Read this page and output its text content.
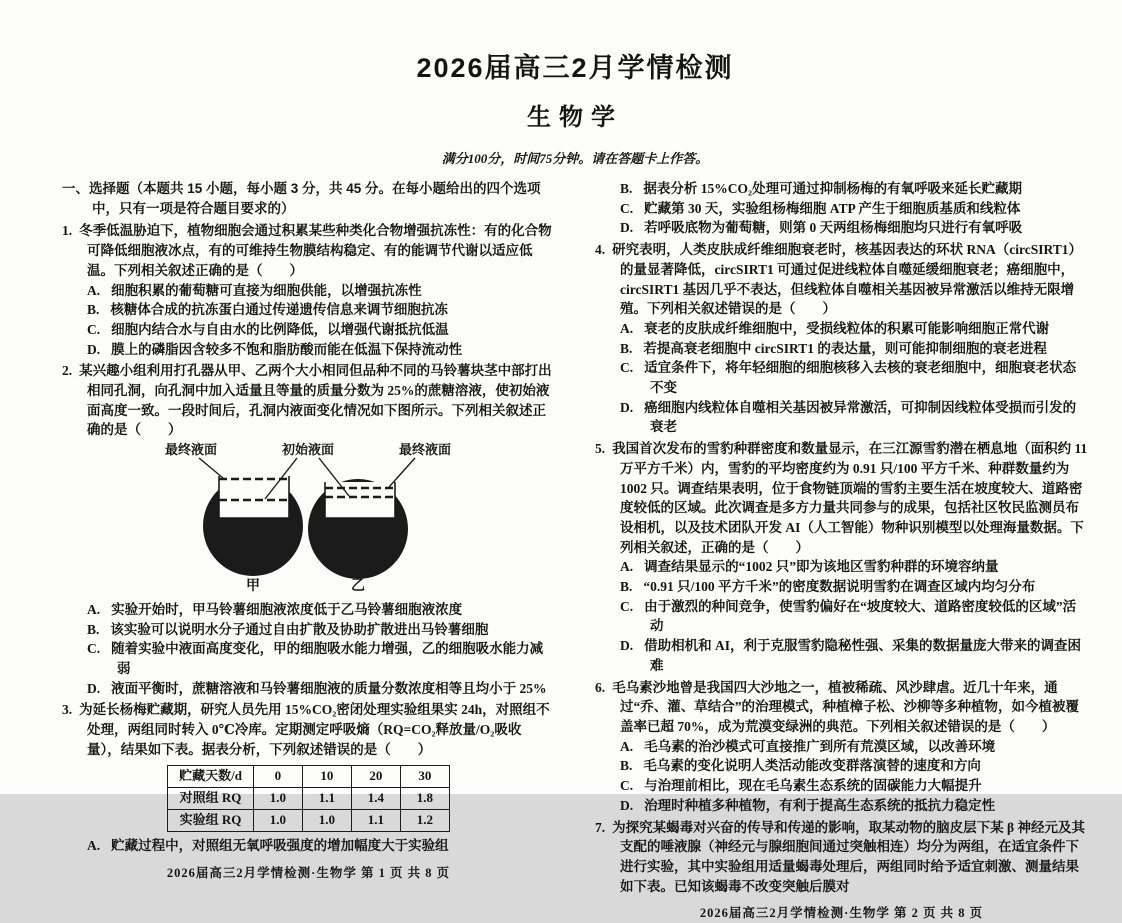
2026届高三2月学情检测
生物学
满分100分，时间75分钟。请在答题卡上作答。
一、选择题（本题共 15 小题，每小题 3 分，共 45 分。在每小题给出的四个选项中，只有一项是符合题目要求的）
1. 冬季低温胁迫下，植物细胞会通过积累某些种类化合物增强抗冻性：有的化合物可降低细胞液冰点，有的可维持生物膜结构稳定、有的能调节代谢以适应低温。下列相关叙述正确的是（　　）
A. 细胞积累的葡萄糖可直接为细胞供能，以增强抗冻性
B. 核糖体合成的抗冻蛋白通过传递遗传信息来调节细胞抗冻
C. 细胞内结合水与自由水的比例降低，以增强代谢抵抗低温
D. 膜上的磷脂因含较多不饱和脂肪酸而能在低温下保持流动性
2. 某兴趣小组利用打孔器从甲、乙两个大小相同但品种不同的马铃薯块茎中部打出相同孔洞，向孔洞中加入适量且等量的质量分数为 25%的蔗糖溶液，使初始液面高度一致。一段时间后，孔洞内液面变化情况如下图所示。下列相关叙述正确的是（　　）
最终液面	初始液面	最终液面
甲	乙
A. 实验开始时，甲马铃薯细胞液浓度低于乙马铃薯细胞液浓度
B. 该实验可以说明水分子通过自由扩散及协助扩散进出马铃薯细胞
C. 随着实验中液面高度变化，甲的细胞吸水能力增强，乙的细胞吸水能力减弱
D. 液面平衡时，蔗糖溶液和马铃薯细胞液的质量分数浓度相等且均小于 25%
3. 为延长杨梅贮藏期，研究人员先用 15%CO₂密闭处理实验组果实 24h，对照组不处理，两组同时转入 0℃冷库。定期测定呼吸熵（RQ=CO₂释放量/O₂吸收量），结果如下表。据表分析，下列叙述错误的是（　　）
贮藏天数/d	0	10	20	30
对照组 RQ	1.0	1.1	1.4	1.8
实验组 RQ	1.0	1.0	1.1	1.2
A. 贮藏过程中，对照组无氧呼吸强度的增加幅度大于实验组
2026届高三2月学情检测·生物学 第 1 页 共 8 页
B. 据表分析 15%CO₂处理可通过抑制杨梅的有氧呼吸来延长贮藏期
C. 贮藏第 30 天，实验组杨梅细胞 ATP 产生于细胞质基质和线粒体
D. 若呼吸底物为葡萄糖，则第 0 天两组杨梅细胞均只进行有氧呼吸
4. 研究表明，人类皮肤成纤维细胞衰老时，核基因表达的环状 RNA（circSIRT1）的量显著降低，circSIRT1 可通过促进线粒体自噬延缓细胞衰老；癌细胞中，circSIRT1 基因几乎不表达，但线粒体自噬相关基因被异常激活以维持无限增殖。下列相关叙述错误的是（　　）
A. 衰老的皮肤成纤维细胞中，受损线粒体的积累可能影响细胞正常代谢
B. 若提高衰老细胞中 circSIRT1 的表达量，则可能抑制细胞的衰老进程
C. 适宜条件下，将年轻细胞的细胞核移入去核的衰老细胞中，细胞衰老状态不变
D. 癌细胞内线粒体自噬相关基因被异常激活，可抑制因线粒体受损而引发的衰老
5. 我国首次发布的雪豹种群密度和数量显示，在三江源雪豹潜在栖息地（面积约 11 万平方千米）内，雪豹的平均密度约为 0.91 只/100 平方千米、种群数量约为 1002 只。调查结果表明，位于食物链顶端的雪豹主要生活在坡度较大、道路密度较低的区域。此次调查是多方力量共同参与的成果，包括社区牧民监测员布设相机，以及技术团队开发 AI（人工智能）物种识别模型以处理海量数据。下列相关叙述，正确的是（　　）
A. 调查结果显示的“1002 只”即为该地区雪豹种群的环境容纳量
B. “0.91 只/100 平方千米”的密度数据说明雪豹在调查区域内均匀分布
C. 由于激烈的种间竞争，使雪豹偏好在“坡度较大、道路密度较低的区域”活动
D. 借助相机和 AI，利于克服雪豹隐秘性强、采集的数据量庞大带来的调查困难
6. 毛乌素沙地曾是我国四大沙地之一，植被稀疏、风沙肆虐。近几十年来，通过“乔、灌、草结合”的治理模式，种植樟子松、沙柳等多种植物，如今植被覆盖率已超 70%，成为荒漠变绿洲的典范。下列相关叙述错误的是（　　）
A. 毛乌素的治沙模式可直接推广到所有荒漠区域，以改善环境
B. 毛乌素的变化说明人类活动能改变群落演替的速度和方向
C. 与治理前相比，现在毛乌素生态系统的固碳能力大幅提升
D. 治理时种植多种植物，有利于提高生态系统的抵抗力稳定性
7. 为探究某蝎毒对兴奋的传导和传递的影响，取某动物的脑皮层下某 β 神经元及其支配的唾液腺（神经元与腺细胞间通过突触相连）均分为两组，在适宜条件下进行实验，其中实验组用适量蝎毒处理后，两组同时给予适宜刺激、测量结果如下表。已知该蝎毒不改变突触后膜对
2026届高三2月学情检测·生物学 第 2 页 共 8 页
